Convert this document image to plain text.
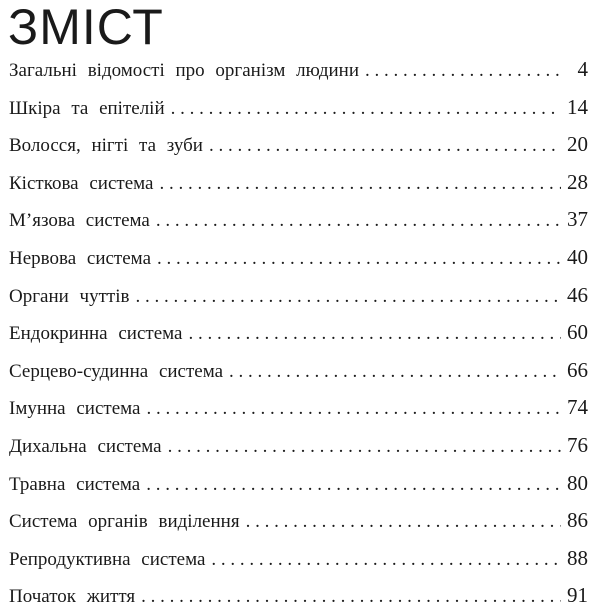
ЗМІСТ
Загальні відомості про організм людини . . .	4
Шкіра та епітелій . . .	14
Волосся, нігті та зуби . . .	20
Кісткова система . . .	28
М’язова система . . .	37
Нервова система . . .	40
Органи чуттів . . .	46
Ендокринна система . . .	60
Серцево-судинна система . . .	66
Імунна система . . .	74
Дихальна система . . .	76
Травна система . . .	80
Система органів виділення . . .	86
Репродуктивна система . . .	88
Початок життя . . .	91
